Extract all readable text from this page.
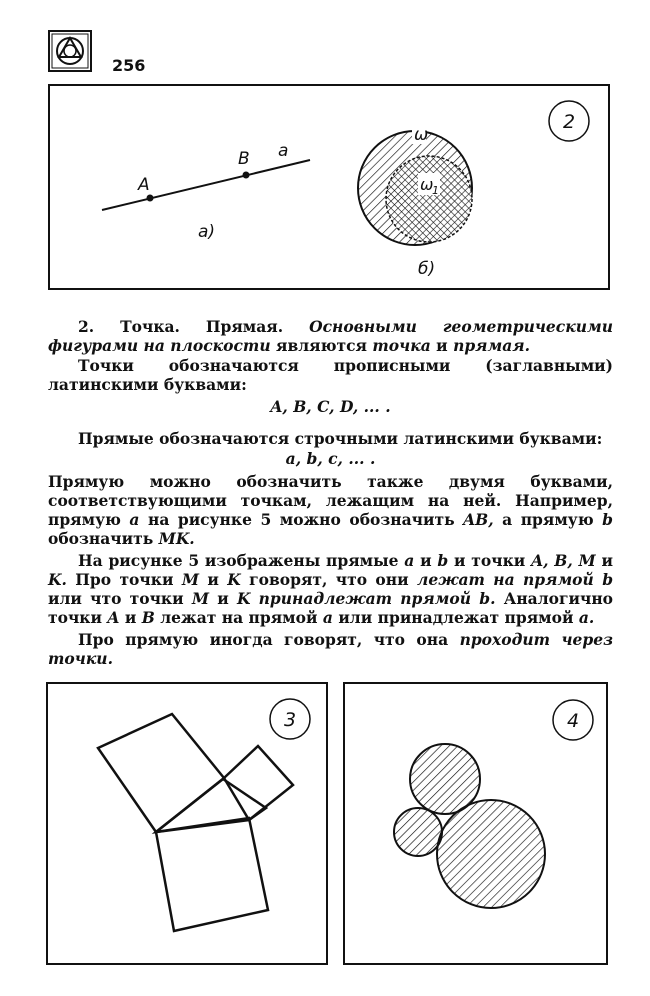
256
2
A
B a
а)
ω
ω
1
б)
2. Точка. Прямая. Основными геометрическими фигурами на плоскости являются точка и прямая.
Точки обозначаются прописными (заглавными) латинскими буквами:
A, B, C, D, ... .
Прямые обозначаются строчными латинскими буквами:
a, b, c, ... .
Прямую можно обозначить также двумя буквами, соответствующими точкам, лежащим на ней. Например, прямую a на рисунке 5 можно обозначить AB, а прямую b обозначить MK.
На рисунке 5 изображены прямые a и b и точки A, B, M и K. Про точки M и K говорят, что они лежат на прямой b или что точки M и K принадлежат прямой b. Аналогично точки A и B лежат на прямой a или принадлежат прямой a.
Про прямую иногда говорят, что она проходит через точки.
3	4
